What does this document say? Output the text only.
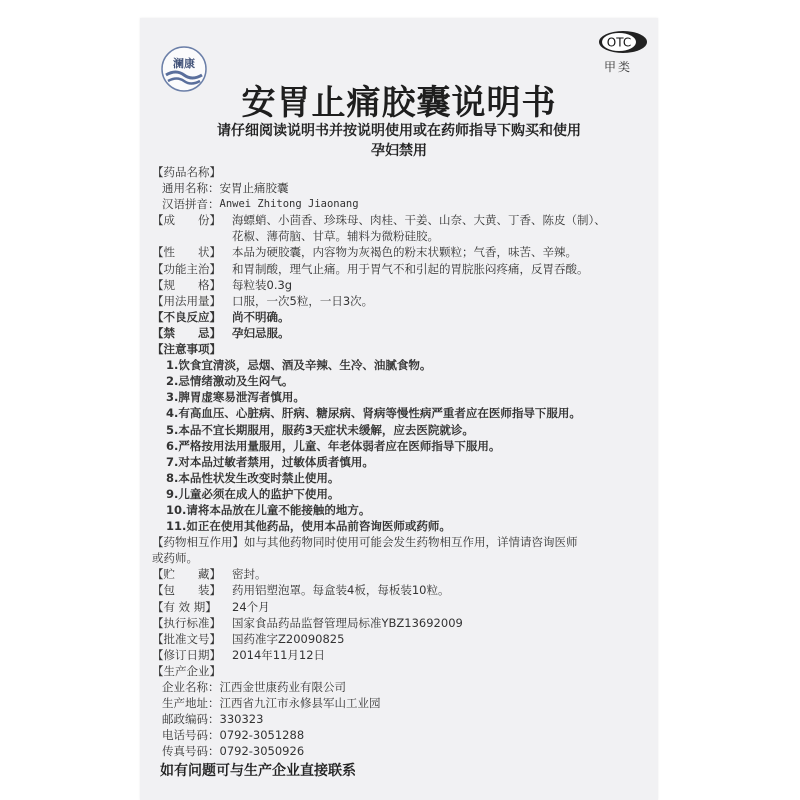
澜康
OTC
甲类
安胃止痛胶囊说明书
请仔细阅读说明书并按说明使用或在药师指导下购买和使用
孕妇禁用
【药品名称】
通用名称： 安胃止痛胶囊
汉语拼音： Anwei Zhitong Jiaonang
【成　　份】 海螵蛸、小茴香、珍珠母、肉桂、干姜、山奈、大黄、丁香、陈皮（制）、
花椒、薄荷脑、甘草。辅料为微粉硅胶。
【性　　状】 本品为硬胶囊，内容物为灰褐色的粉末状颗粒；气香，味苦、辛辣。
【功能主治】 和胃制酸，理气止痛。用于胃气不和引起的胃脘胀闷疼痛，反胃吞酸。
【规　　格】 每粒装0.3g
【用法用量】 口服，一次5粒，一日3次。
【不良反应】 尚不明确。
【禁　　忌】 孕妇忌服。
【注意事项】
1.饮食宜清淡，忌烟、酒及辛辣、生冷、油腻食物。
2.忌情绪激动及生闷气。
3.脾胃虚寒易泄泻者慎用。
4.有高血压、心脏病、肝病、糖尿病、肾病等慢性病严重者应在医师指导下服用。
5.本品不宜长期服用，服药3天症状未缓解，应去医院就诊。
6.严格按用法用量服用，儿童、年老体弱者应在医师指导下服用。
7.对本品过敏者禁用，过敏体质者慎用。
8.本品性状发生改变时禁止使用。
9.儿童必须在成人的监护下使用。
10.请将本品放在儿童不能接触的地方。
11.如正在使用其他药品，使用本品前咨询医师或药师。
【药物相互作用】 如与其他药物同时使用可能会发生药物相互作用，详情请咨询医师
或药师。
【贮　　藏】 密封。
【包　　装】 药用铝塑泡罩。每盒装4板，每板装10粒。
【有 效 期】	24个月
【执行标准】 国家食品药品监督管理局标准YBZ13692009
【批准文号】 国药准字Z20090825
【修订日期】 2014年11月12日
【生产企业】
企业名称： 江西金世康药业有限公司
生产地址： 江西省九江市永修县军山工业园
邮政编码： 330323
电话号码： 0792-3051288
传真号码： 0792-3050926
如有问题可与生产企业直接联系
